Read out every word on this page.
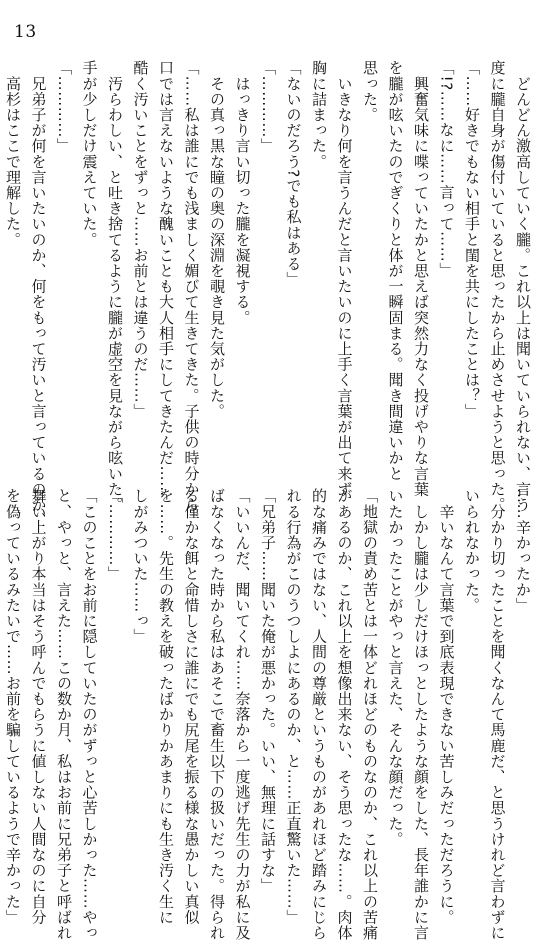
13
　どんどん激高していく朧。これ以上は聞いていられない、言う
度に朧自身が傷付いていると思ったから止めさせようと思った。
「……好きでもない相手と閨を共にしたことは？」
「!?……なに……言って……」
　興奮気味に喋っていたかと思えば突然力なく投げやりな言葉
を朧が呟いたのでぎくりと体が一瞬固まる。聞き間違いかと
思った。
　いきなり何を言うんだと言いたいのに上手く言葉が出て来ず
胸に詰まった。
「ないのだろう?でも私はある」
「…………」
　はっきり言い切った朧を凝視する。
　その真っ黒な瞳の奥の深淵を覗き見た気がした。
「……私は誰にでも浅ましく媚びて生きてきた。子供の時分から
口では言えないような醜いことも大人相手にしてきたんだ……
酷く汚いことをずっと……お前とは違うのだ……」
　汚らわしい、と吐き捨てるように朧が虚空を見ながら呟いた。
手が少しだけ震えていた。
「…………」
　兄弟子が何を言いたいのか、何をもって汚いと言っているのか、
　高杉はここで理解した。
……辛かったか」
　分かり切ったことを聞くなんて馬鹿だ、と思うけれど言わずに
いられなかった。
　辛いなんて言葉で到底表現できない苦しみだっただろうに。
　しかし朧は少しだけほっとしたような顔をした、長年誰かに言
いたかったことがやっと言えた、そんな顔だった。
「地獄の責め苦とは一体どれほどのものなのか、これ以上の苦痛
があるのか、これ以上を想像出来ない、そう思ったな……。肉体
的な痛みではない、人間の尊厳というものがあれほど踏みにじら
れる行為がこのうつしよにあるのか、と……正直驚いた……」
「兄弟子……聞いた俺が悪かった。いい、無理に話すな」
「いいんだ、聞いてくれ……奈落から一度逃げ先生の力が私に及
ばなくなった時から私はあそこで畜生以下の扱いだった。得られ
る僅かな餌と命惜しさに誰にでも尻尾を振る様な愚かしい真似
を……。先生の教えを破ったばかりかあまりにも生き汚く生に
しがみついた……っ」
「…………」
「このことをお前に隠していたのがずっと心苦しかった……やっ
と、やっと、言えた……この数か月、私はお前に兄弟子と呼ばれ
舞い上がり本当はそう呼んでもらうに値しない人間なのに自分
を偽っているみたいで……お前を騙しているようで辛かった」
